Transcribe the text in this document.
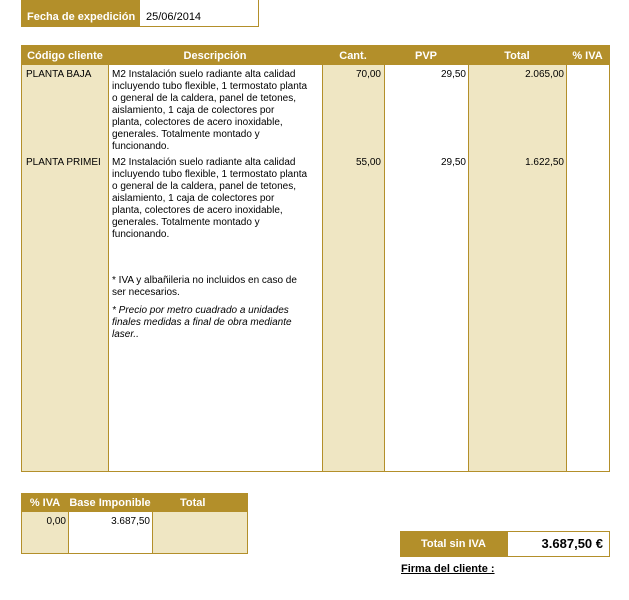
Fecha de expedición 25/06/2014
Código cliente	Descripción	Cant.	PVP	Total	% IVA
PLANTA BAJA	M2 Instalación suelo radiante alta calidad
incluyendo tubo flexible, 1 termostato planta
o general de la caldera, panel de tetones,
aislamiento, 1 caja de colectores por
planta, colectores de acero inoxidable,
generales. Totalmente montado y
funcionando.
70,00	29,50	2.065,00
PLANTA PRIMEI	M2 Instalación suelo radiante alta calidad
incluyendo tubo flexible, 1 termostato planta
o general de la caldera, panel de tetones,
aislamiento, 1 caja de colectores por
planta, colectores de acero inoxidable,
generales. Totalmente montado y
funcionando.
55,00	29,50	1.622,50
* IVA y albañileria no incluidos en caso de
ser necesarios.
* Precio por metro cuadrado a unidades
finales medidas a final de obra mediante
laser..
% IVA Base Imponible	Total
0,00	3.687,50
Total sin IVA	3.687,50 €
Firma del cliente :
